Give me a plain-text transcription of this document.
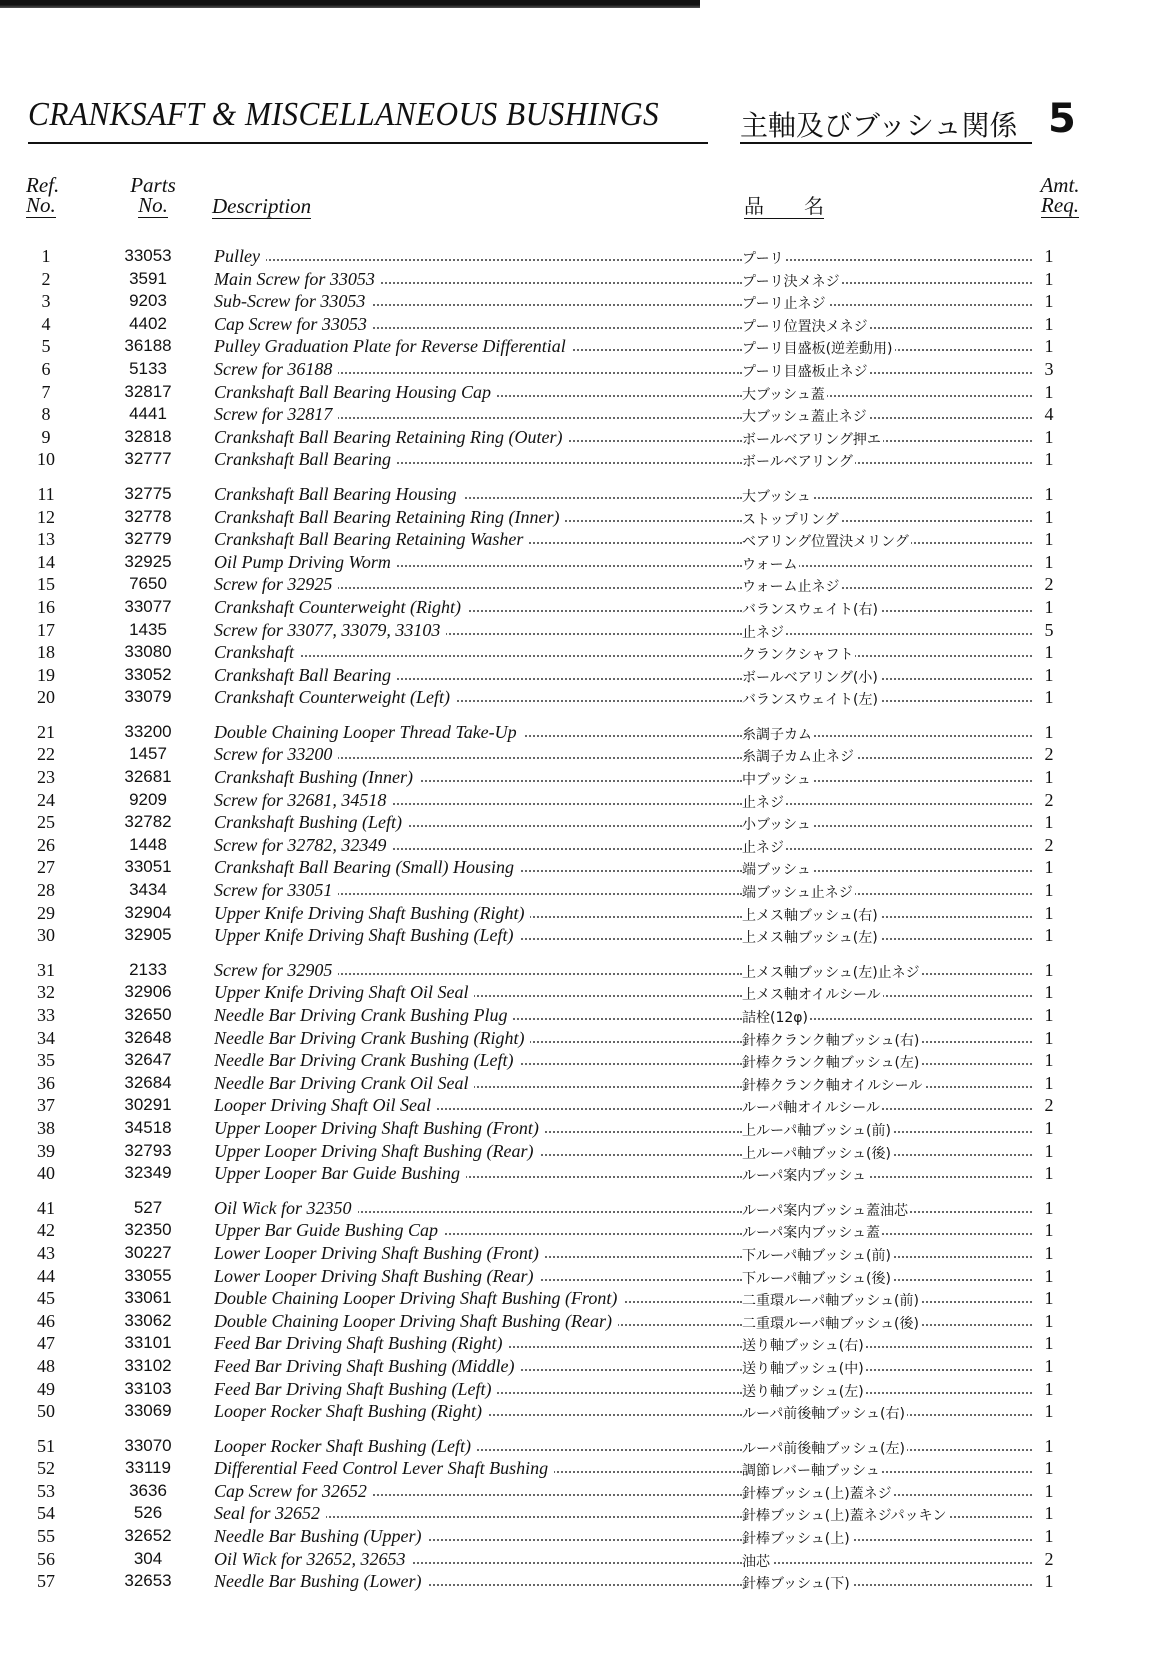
CRANKSAFT & MISCELLANEOUS BUSHINGS	主軸及びブッシュ関係 5
Ref.
No.
Parts
No.	Description	品　　名
Amt.
Req.
1	33053	Pulley	プーリ	1
2	3591	Main Screw for 33053	プーリ決メネジ	1
3	9203	Sub-Screw for 33053	プーリ止ネジ	1
4	4402	Cap Screw for 33053	プーリ位置決メネジ	1
5	36188	Pulley Graduation Plate for Reverse Differential	プーリ目盛板(逆差動用)	1
6	5133	Screw for 36188	プーリ目盛板止ネジ	3
7	32817	Crankshaft Ball Bearing Housing Cap	大ブッシュ蓋	1
8	4441	Screw for 32817	大ブッシュ蓋止ネジ	4
9	32818	Crankshaft Ball Bearing Retaining Ring (Outer)	ボールベアリング押エ	1
10	32777	Crankshaft Ball Bearing	ボールベアリング	1
11	32775	Crankshaft Ball Bearing Housing	大ブッシュ	1
12	32778	Crankshaft Ball Bearing Retaining Ring (Inner)	ストップリング	1
13	32779	Crankshaft Ball Bearing Retaining Washer	ベアリング位置決メリング	1
14	32925	Oil Pump Driving Worm	ウォーム	1
15	7650	Screw for 32925	ウォーム止ネジ	2
16	33077	Crankshaft Counterweight (Right)	バランスウェイト(右)	1
17	1435	Screw for 33077, 33079, 33103	止ネジ	5
18	33080	Crankshaft	クランクシャフト	1
19	33052	Crankshaft Ball Bearing	ボールベアリング(小)	1
20	33079	Crankshaft Counterweight (Left)	バランスウェイト(左)	1
21	33200	Double Chaining Looper Thread Take-Up	糸調子カム	1
22	1457	Screw for 33200	糸調子カム止ネジ	2
23	32681	Crankshaft Bushing (Inner)	中ブッシュ	1
24	9209	Screw for 32681, 34518	止ネジ	2
25	32782	Crankshaft Bushing (Left)	小ブッシュ	1
26	1448	Screw for 32782, 32349	止ネジ	2
27	33051	Crankshaft Ball Bearing (Small) Housing	端ブッシュ	1
28	3434	Screw for 33051	端ブッシュ止ネジ	1
29	32904	Upper Knife Driving Shaft Bushing (Right)	上メス軸ブッシュ(右)	1
30	32905	Upper Knife Driving Shaft Bushing (Left)	上メス軸ブッシュ(左)	1
31	2133	Screw for 32905	上メス軸ブッシュ(左)止ネジ	1
32	32906	Upper Knife Driving Shaft Oil Seal	上メス軸オイルシール	1
33	32650	Needle Bar Driving Crank Bushing Plug	詰栓(12φ)	1
34	32648	Needle Bar Driving Crank Bushing (Right)	針棒クランク軸ブッシュ(右)	1
35	32647	Needle Bar Driving Crank Bushing (Left)	針棒クランク軸ブッシュ(左)	1
36	32684	Needle Bar Driving Crank Oil Seal	針棒クランク軸オイルシール	1
37	30291	Looper Driving Shaft Oil Seal	ルーパ軸オイルシール	2
38	34518	Upper Looper Driving Shaft Bushing (Front)	上ルーパ軸ブッシュ(前)	1
39	32793	Upper Looper Driving Shaft Bushing (Rear)	上ルーパ軸ブッシュ(後)	1
40	32349	Upper Looper Bar Guide Bushing	ルーパ案内ブッシュ	1
41	527	Oil Wick for 32350	ルーパ案内ブッシュ蓋油芯	1
42	32350	Upper Bar Guide Bushing Cap	ルーパ案内ブッシュ蓋	1
43	30227	Lower Looper Driving Shaft Bushing (Front)	下ルーパ軸ブッシュ(前)	1
44	33055	Lower Looper Driving Shaft Bushing (Rear)	下ルーパ軸ブッシュ(後)	1
45	33061	Double Chaining Looper Driving Shaft Bushing (Front)	二重環ルーパ軸ブッシュ(前)	1
46	33062	Double Chaining Looper Driving Shaft Bushing (Rear)	二重環ルーパ軸ブッシュ(後)	1
47	33101	Feed Bar Driving Shaft Bushing (Right)	送り軸ブッシュ(右)	1
48	33102	Feed Bar Driving Shaft Bushing (Middle)	送り軸ブッシュ(中)	1
49	33103	Feed Bar Driving Shaft Bushing (Left)	送り軸ブッシュ(左)	1
50	33069	Looper Rocker Shaft Bushing (Right)	ルーパ前後軸ブッシュ(右)	1
51	33070	Looper Rocker Shaft Bushing (Left)	ルーパ前後軸ブッシュ(左)	1
52	33119	Differential Feed Control Lever Shaft Bushing	調節レバー軸ブッシュ	1
53	3636	Cap Screw for 32652	針棒ブッシュ(上)蓋ネジ	1
54	526	Seal for 32652	針棒ブッシュ(上)蓋ネジパッキン	1
55	32652	Needle Bar Bushing (Upper)	針棒ブッシュ(上)	1
56	304	Oil Wick for 32652, 32653	油芯	2
57	32653	Needle Bar Bushing (Lower)	針棒ブッシュ(下)	1
